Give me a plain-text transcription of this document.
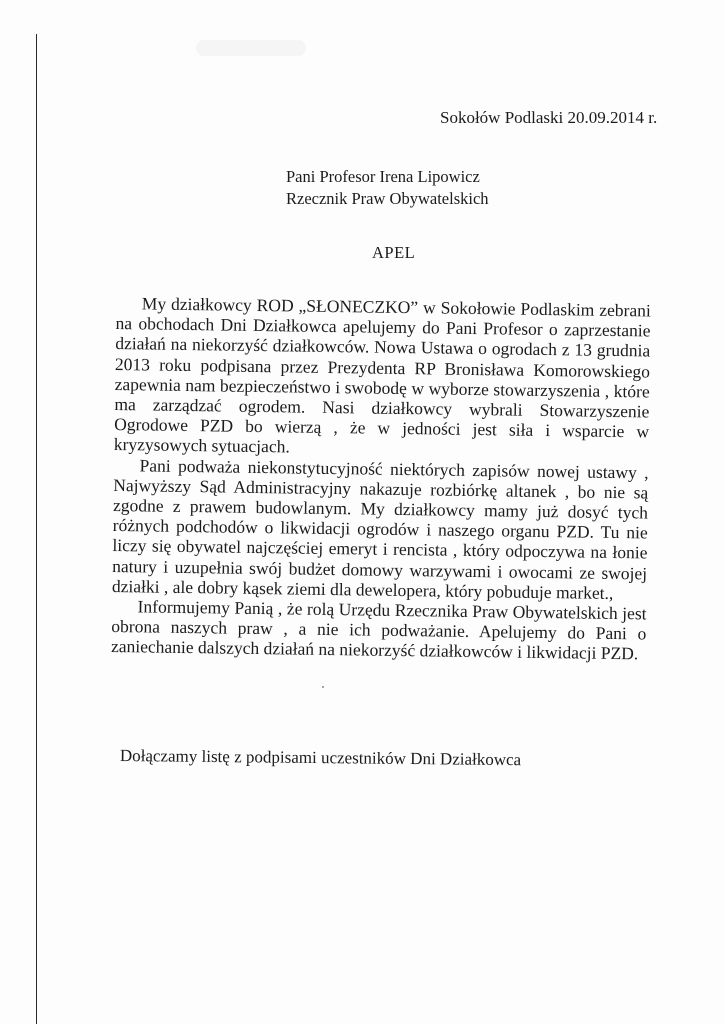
Sokołów Podlaski 20.09.2014 r.
Pani Profesor Irena Lipowicz
Rzecznik Praw Obywatelskich
APEL

My działkowcy ROD „SŁONECZKO” w Sokołowie Podlaskim zebrani na obchodach Dni Działkowca apelujemy do Pani Profesor o zaprzestanie działań na niekorzyść działkowców. Nowa Ustawa o ogrodach z 13 grudnia 2013 roku podpisana przez Prezydenta RP Bronisława Komorowskiego zapewnia nam bezpieczeństwo i swobodę w wyborze stowarzyszenia , które ma zarządzać ogrodem. Nasi działkowcy wybrali Stowarzyszenie Ogrodowe PZD bo wierzą , że w jedności jest siła i wsparcie w kryzysowych sytuacjach.

Pani podważa niekonstytucyjność niektórych zapisów nowej ustawy , Najwyższy Sąd Administracyjny nakazuje rozbiórkę altanek , bo nie są zgodne z prawem budowlanym. My działkowcy mamy już dosyć tych różnych podchodów o likwidacji ogrodów i naszego organu PZD. Tu nie liczy się obywatel najczęściej emeryt i rencista , który odpoczywa na łonie natury i uzupełnia swój budżet domowy warzywami i owocami ze swojej działki , ale dobry kąsek ziemi dla dewelopera, który pobuduje market.,

Informujemy Panią , że rolą Urzędu Rzecznika Praw Obywatelskich jest obrona naszych praw , a nie ich podważanie. Apelujemy do Pani o zaniechanie dalszych działań na niekorzyść działkowców i likwidacji PZD.

Dołączamy listę z podpisami uczestników Dni Działkowca
